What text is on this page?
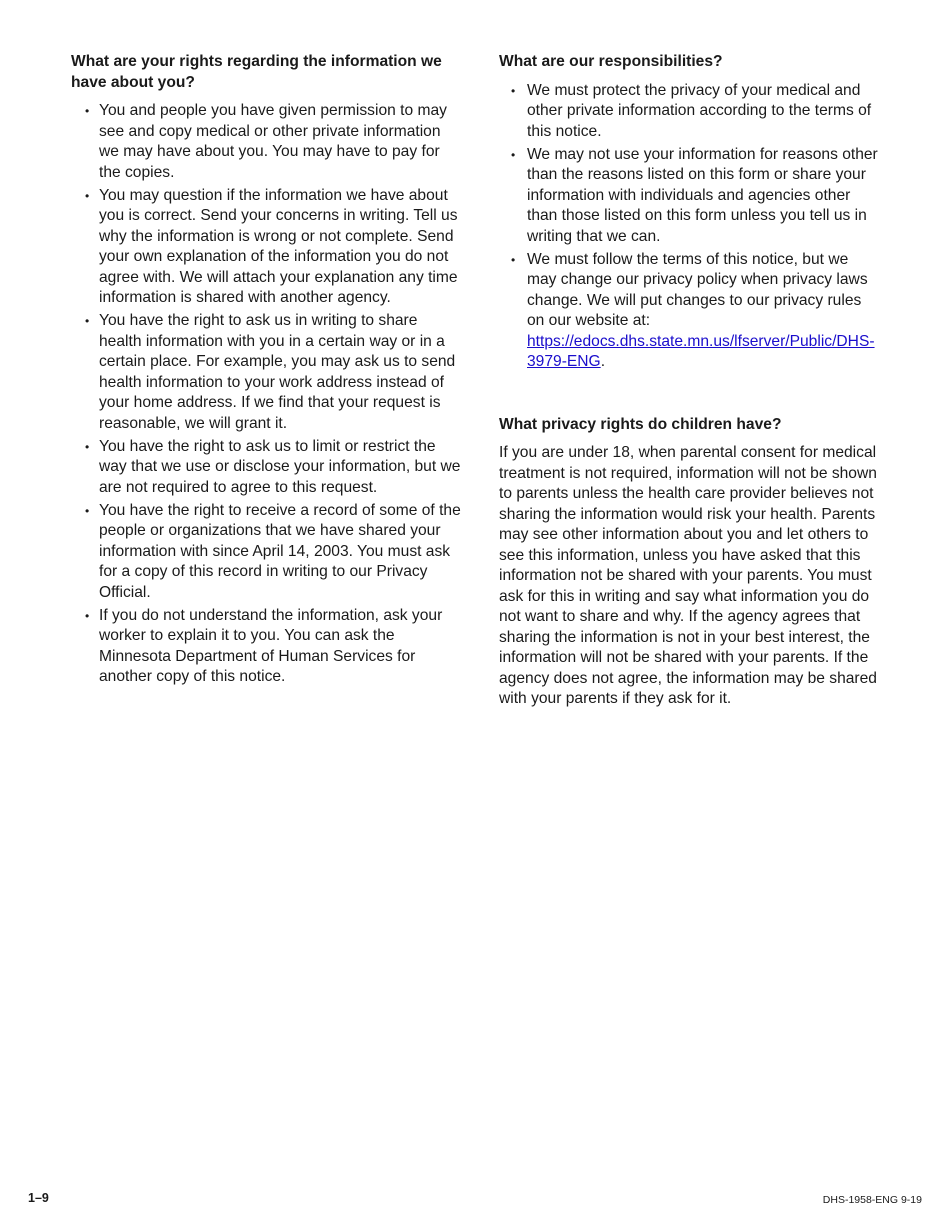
What are your rights regarding the information we have about you?
• You and people you have given permission to may see and copy medical or other private information we may have about you. You may have to pay for the copies.
• You may question if the information we have about you is correct. Send your concerns in writing. Tell us why the information is wrong or not complete. Send your own explanation of the information you do not agree with. We will attach your explanation any time information is shared with another agency.
• You have the right to ask us in writing to share health information with you in a certain way or in a certain place. For example, you may ask us to send health information to your work address instead of your home address. If we find that your request is reasonable, we will grant it.
• You have the right to ask us to limit or restrict the way that we use or disclose your information, but we are not required to agree to this request.
• You have the right to receive a record of some of the people or organizations that we have shared your information with since April 14, 2003. You must ask for a copy of this record in writing to our Privacy Official.
• If you do not understand the information, ask your worker to explain it to you. You can ask the Minnesota Department of Human Services for another copy of this notice.
What are our responsibilities?
• We must protect the privacy of your medical and other private information according to the terms of this notice.
• We may not use your information for reasons other than the reasons listed on this form or share your information with individuals and agencies other than those listed on this form unless you tell us in writing that we can.
• We must follow the terms of this notice, but we may change our privacy policy when privacy laws change. We will put changes to our privacy rules on our website at: https://edocs.dhs.state.mn.us/lfserver/Public/DHS-3979-ENG.
What privacy rights do children have?

If you are under 18, when parental consent for medical treatment is not required, information will not be shown to parents unless the health care provider believes not sharing the information would risk your health. Parents may see other information about you and let others to see this information, unless you have asked that this information not be shared with your parents. You must ask for this in writing and say what information you do not want to share and why. If the agency agrees that sharing the information is not in your best interest, the information will not be shared with your parents. If the agency does not agree, the information may be shared with your parents if they ask for it.

1–9	DHS-1958-ENG 9-19
